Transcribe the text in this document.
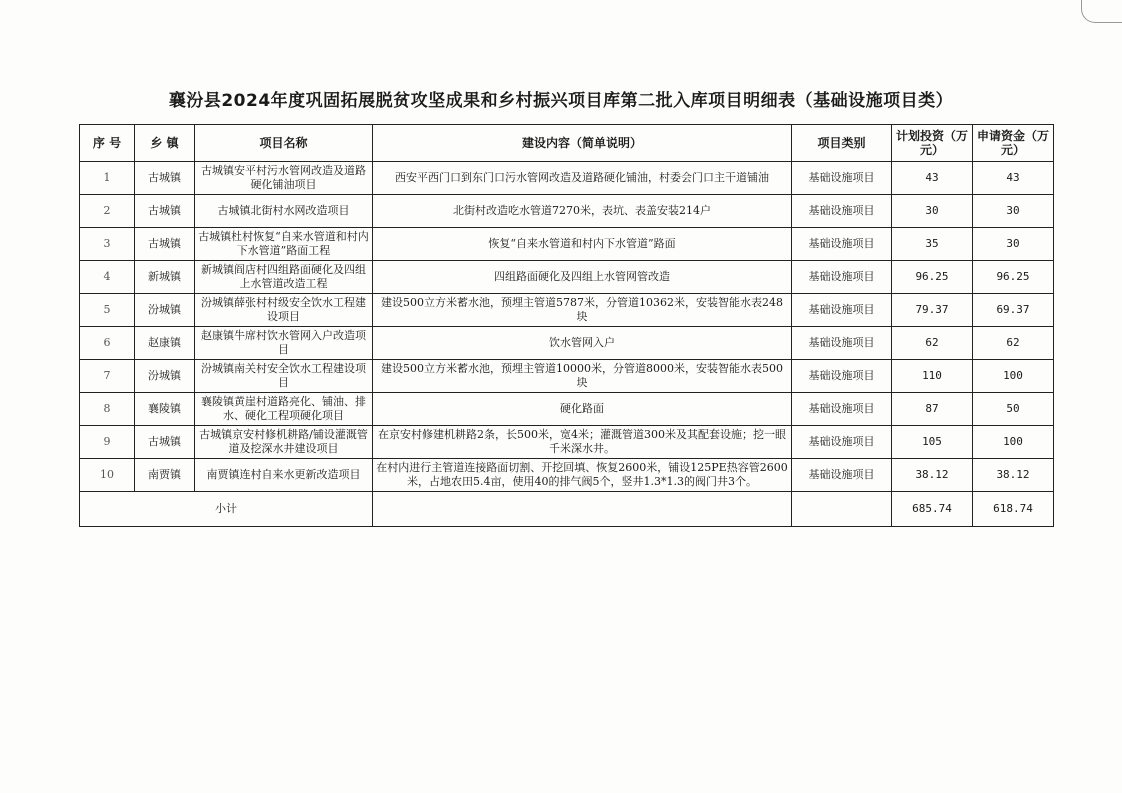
襄汾县2024年度巩固拓展脱贫攻坚成果和乡村振兴项目库第二批入库项目明细表（基础设施项目类）
序 号	乡 镇	项目名称	建设内容（简单说明）	项目类别	计划投资（万元）	申请资金（万元）
1	古城镇	古城镇安平村污水管网改造及道路硬化铺油项目	西安平西门口到东门口污水管网改造及道路硬化铺油，村委会门口主干道铺油	基础设施项目	43	43
2	古城镇	古城镇北街村水网改造项目	北街村改造吃水管道7270米，表坑、表盖安装214户	基础设施项目	30	30
3	古城镇	古城镇杜村恢复“自来水管道和村内下水管道”路面工程	恢复“自来水管道和村内下水管道”路面	基础设施项目	35	30
4	新城镇	新城镇阎店村四组路面硬化及四组上水管道改造工程	四组路面硬化及四组上水管网管改造	基础设施项目	96.25	96.25
5	汾城镇	汾城镇薛张村村级安全饮水工程建设项目	建设500立方米蓄水池，预埋主管道5787米，分管道10362米，安装智能水表248块	基础设施项目	79.37	69.37
6	赵康镇	赵康镇牛席村饮水管网入户改造项目	饮水管网入户	基础设施项目	62	62
7	汾城镇	汾城镇南关村安全饮水工程建设项目	建设500立方米蓄水池，预埋主管道10000米，分管道8000米，安装智能水表500块	基础设施项目	110	100
8	襄陵镇	襄陵镇黄崖村道路亮化、铺油、排水、硬化工程项硬化项目	硬化路面	基础设施项目	87	50
9	古城镇	古城镇京安村修机耕路/铺设灌溉管道及挖深水井建设项目	在京安村修建机耕路2条，长500米，宽4米；灌溉管道300米及其配套设施；挖一眼千米深水井。	基础设施项目	105	100
10	南贾镇	南贾镇连村自来水更新改造项目	在村内进行主管道连接路面切割、开挖回填、恢复2600米，铺设125PE热容管2600米，占地农田5.4亩，使用40的排气阀5个，竖井1.3*1.3的阀门井3个。	基础设施项目	38.12	38.12
小计					685.74	618.74
